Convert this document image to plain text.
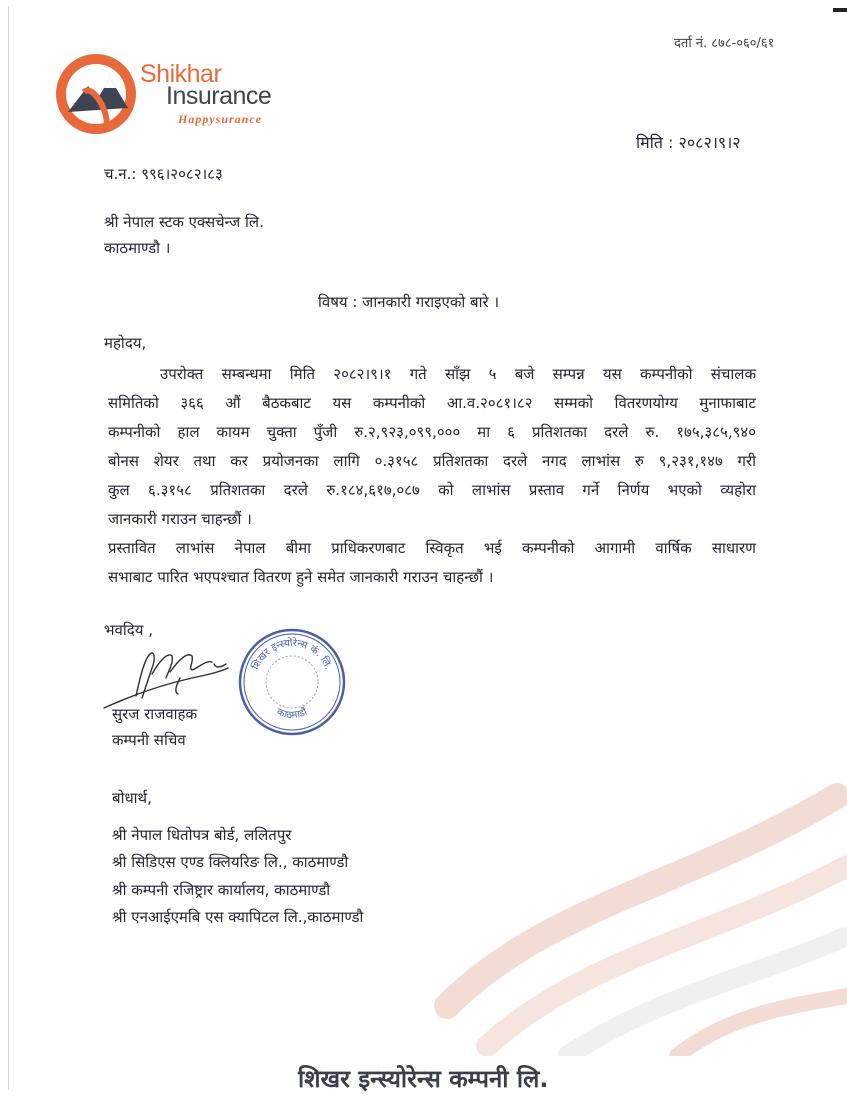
दर्ता नं. ८७८-०६०/६१
Shikhar
Insurance
Happysurance
मिति : २०८२।९।२
च.न.: ९९६।२०८२।८३
श्री नेपाल स्टक एक्सचेन्ज लि.
काठमाण्डौ ।
विषय : जानकारी गराइएको बारे ।
महोदय,
उपरोक्त सम्बन्धमा मिति २०८२।९।१ गते साँझ ५ बजे सम्पन्न यस कम्पनीको संचालक
समितिको ३६६ औं बैठकबाट यस कम्पनीको आ.व.२०८१।८२ सम्मको वितरणयोग्य मुनाफाबाट
कम्पनीको हाल कायम चुक्ता पुँजी रु.२,९२३,०९९,००० मा ६ प्रतिशतका दरले रु. १७५,३८५,९४०
बोनस शेयर तथा कर प्रयोजनका लागि ०.३१५८ प्रतिशतका दरले नगद लाभांस रु ९,२३१,१४७ गरी
कुल ६.३१५८ प्रतिशतका दरले रु.१८४,६१७,०८७ को लाभांस प्रस्ताव गर्ने निर्णय भएको व्यहोरा
जानकारी गराउन चाहन्छौं ।
प्रस्तावित लाभांस नेपाल बीमा प्राधिकरणबाट स्विकृत भई कम्पनीको आगामी वार्षिक साधारण
सभाबाट पारित भएपश्चात वितरण हुने समेत जानकारी गराउन चाहन्छौं ।
भवदिय ,
शिखर इन्स्योरेन्स कं. लि.
काठमाडौं
सुरज राजवाहक
कम्पनी सचिव
बोधार्थ,
श्री नेपाल धितोपत्र बोर्ड, ललितपुर
श्री सिडिएस एण्ड क्लियरिङ लि., काठमाण्डौ
श्री कम्पनी रजिष्ट्रार कार्यालय, काठमाण्डौ
श्री एनआईएमबि एस क्यापिटल लि.,काठमाण्डौ
शिखर इन्स्योरेन्स कम्पनी लि.
